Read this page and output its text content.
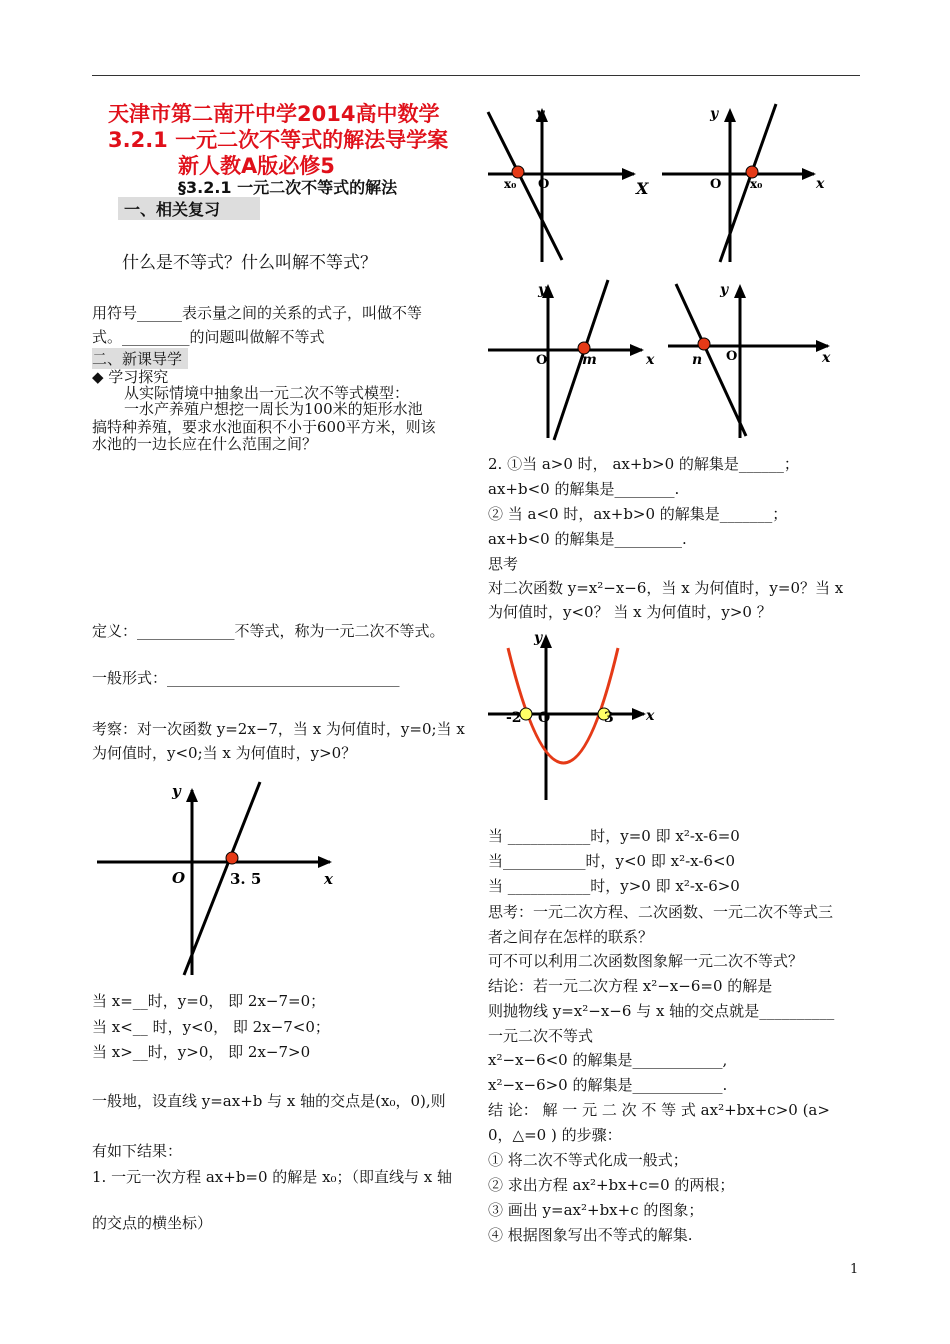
天津市第二南开中学2014高中数学
3.2.1 一元二次不等式的解法导学案
新人教A版必修5
§3.2.1 一元二次不等式的解法
一、相关复习
什么是不等式？什么叫解不等式？
用符号______表示量之间的关系的式子，叫做不等
式。_________的问题叫做解不等式
二、新课导学
◆ 学习探究
从实际情境中抽象出一元二次不等式模型：
一水产养殖户想挖一周长为100米的矩形水池
搞特种养殖，要求水池面积不小于600平方米，则该
水池的一边长应在什么范围之间？
定义：_____________不等式，称为一元二次不等式。
一般形式：_______________________________
考察：对一次函数 y=2x−7，当 x 为何值时，y=0;当 x
为何值时，y<0;当 x 为何值时，y>0？
y
x
O	3. 5
当 x=__时，y=0， 即 2x−7=0；
当 x<__ 时，y<0， 即 2x−7<0；
当 x>__时，y>0， 即 2x−7>0
一般地，设直线 y=ax+b 与 x 轴的交点是(x₀，0),则
有如下结果：
1. 一元一次方程 ax+b=0 的解是 x₀；（即直线与 x 轴
的交点的横坐标）
y
X
O
x₀
y
x
O x₀
y
x
O m
y
x
O
n
2. ①当 a>0 时， ax+b>0 的解集是______；
ax+b<0 的解集是________.
② 当 a<0 时，ax+b>0 的解集是_______；
ax+b<0 的解集是_________.
思考
对二次函数 y=x²−x−6，当 x 为何值时，y=0？当 x
为何值时，y<0？ 当 x 为何值时，y>0 ？
y
x
O
-2	3
当 ___________时，y=0 即 x²-x-6=0
当___________时，y<0 即 x²-x-6<0
当 ___________时，y>0 即 x²-x-6>0
思考：一元二次方程、二次函数、一元二次不等式三
者之间存在怎样的联系？
可不可以利用二次函数图象解一元二次不等式？
结论：若一元二次方程 x²−x−6=0 的解是
则抛物线 y=x²−x−6 与 x 轴的交点就是__________
一元二次不等式
x²−x−6<0 的解集是____________,
x²−x−6>0 的解集是____________.
结 论： 解 一 元 二 次 不 等 式 ax²+bx+c>0 (a>
0，△=0 ) 的步骤：
① 将二次不等式化成一般式；
② 求出方程 ax²+bx+c=0 的两根；
③ 画出 y=ax²+bx+c 的图象；
④ 根据图象写出不等式的解集.
1
